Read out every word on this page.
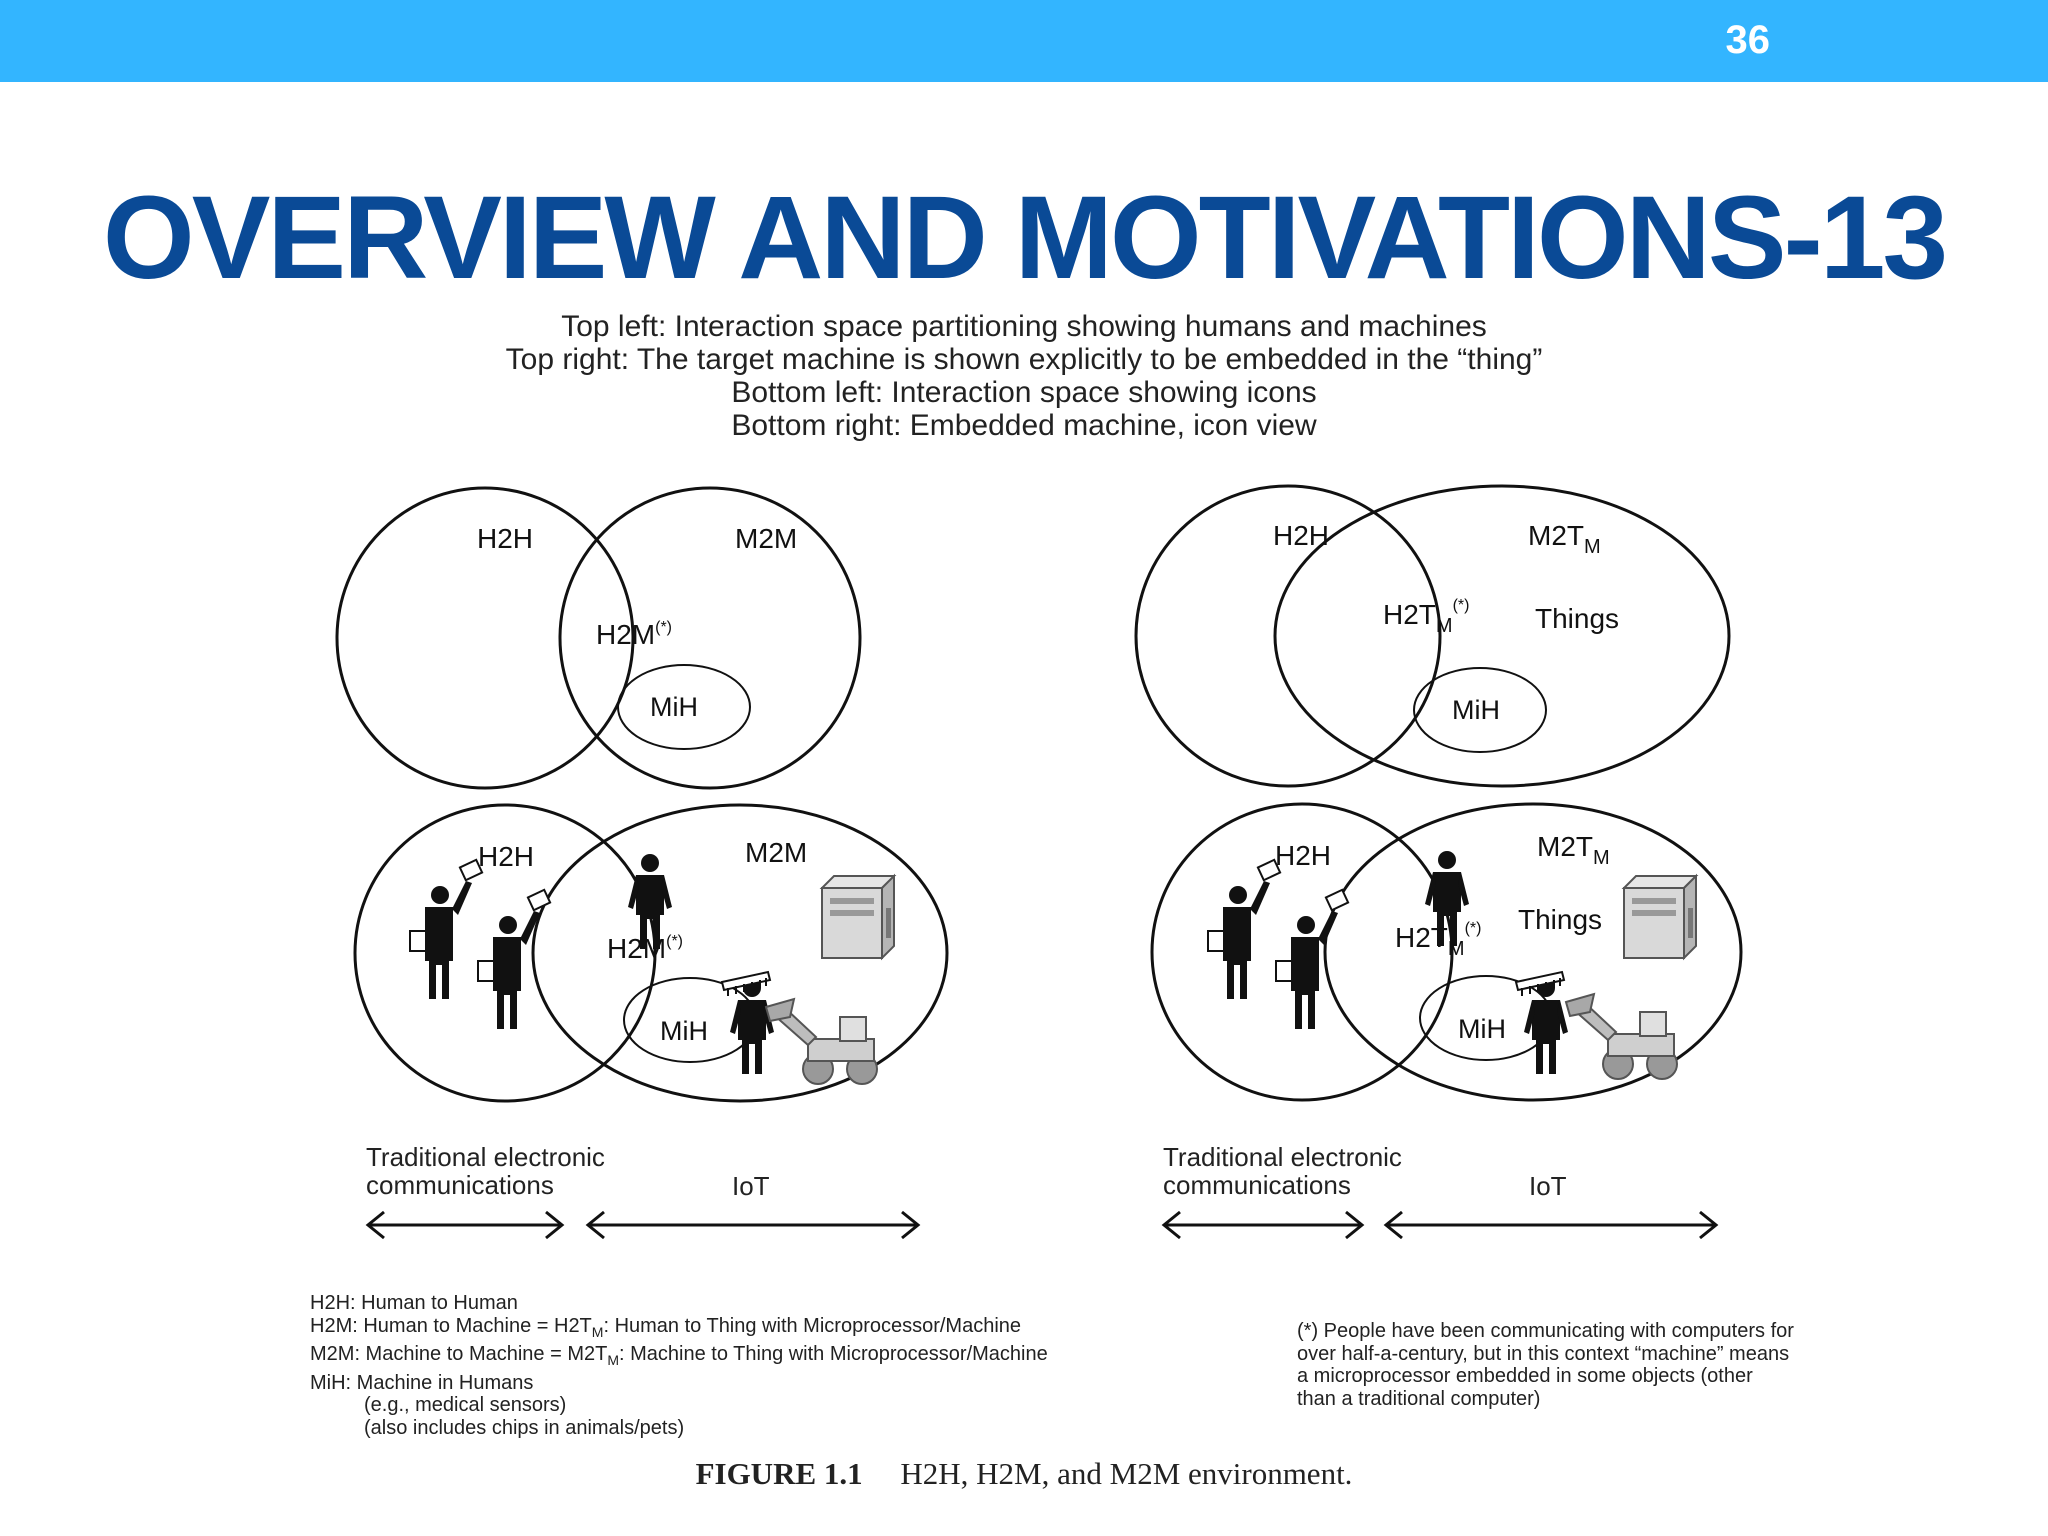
36
OVERVIEW AND MOTIVATIONS-13
Top left: Interaction space partitioning showing humans and machines
Top right: The target machine is shown explicitly to be embedded in the “thing”
Bottom left: Interaction space showing icons
Bottom right: Embedded machine, icon view
H2H	M2M
H2M(*)
MiH
H2H	$M2T_M$
$H2T_M^{(*)}$ Things
MiH
H2H	M2M
H2M(*)
MiH
H2H	$M2T_M$
$H2T_M^{(*)}$ Things
MiH
Traditional electronic
communications	IoT
Traditional electronic
communications	IoT
H2H: Human to Human
H2M: Human to Machine = $H2T_M$: Human to Thing with Microprocessor/Machine
M2M: Machine to Machine = $M2T_M$: Machine to Thing with Microprocessor/Machine
MiH: Machine in Humans
(e.g., medical sensors)
(also includes chips in animals/pets)
(*) People have been communicating with computers for over half-a-century, but in this context “machine” means a microprocessor embedded in some objects (other than a traditional computer)
FIGURE 1.1 H2H, H2M, and M2M environment.
